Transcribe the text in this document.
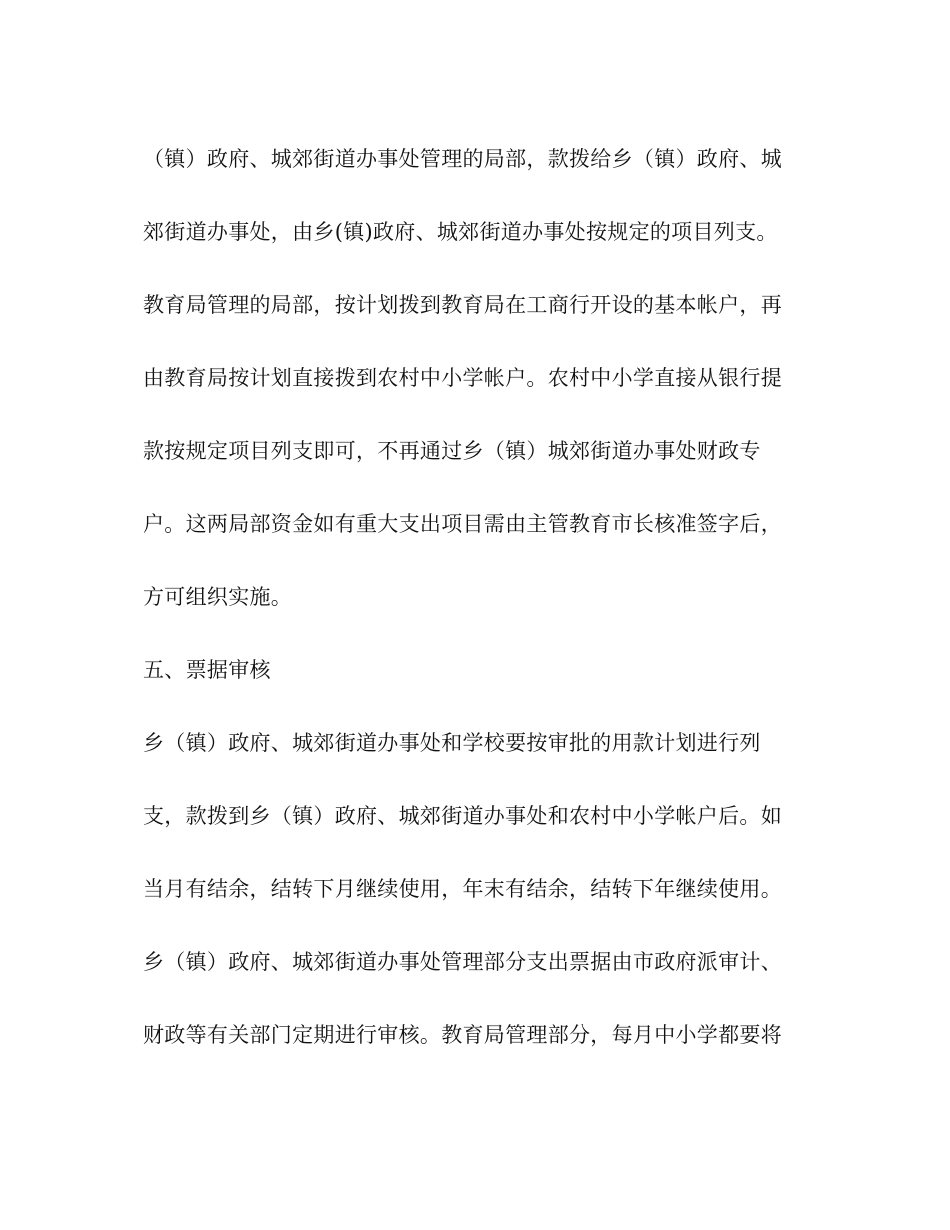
（镇）政府、城郊街道办事处管理的局部，款拨给乡（镇）政府、城
郊街道办事处，由乡(镇)政府、城郊街道办事处按规定的项目列支。
教育局管理的局部，按计划拨到教育局在工商行开设的基本帐户，再
由教育局按计划直接拨到农村中小学帐户。农村中小学直接从银行提
款按规定项目列支即可，不再通过乡（镇）城郊街道办事处财政专
户。这两局部资金如有重大支出项目需由主管教育市长核准签字后，
方可组织实施。
五、票据审核
乡（镇）政府、城郊街道办事处和学校要按审批的用款计划进行列
支，款拨到乡（镇）政府、城郊街道办事处和农村中小学帐户后。如
当月有结余，结转下月继续使用，年末有结余，结转下年继续使用。
乡（镇）政府、城郊街道办事处管理部分支出票据由市政府派审计、
财政等有关部门定期进行审核。教育局管理部分，每月中小学都要将
